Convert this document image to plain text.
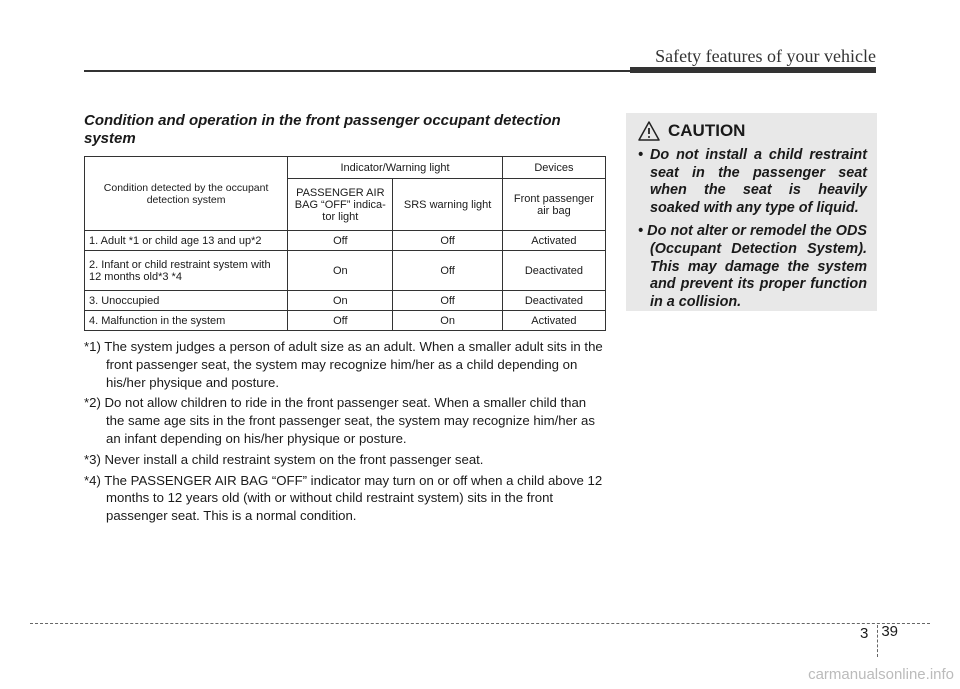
Safety features of your vehicle
Condition and operation in the front passenger occupant detection system
Condition detected by the occupant detection system	Indicator/Warning light		Devices
	PASSENGER AIR BAG “OFF” indica-tor light	SRS warning light	Front passenger air bag
1. Adult *1 or child age 13 and up*2	Off	Off	Activated
2. Infant or child restraint system with 12 months old*3 *4	On	Off	Deactivated
3. Unoccupied	On	Off	Deactivated
4. Malfunction in the system	Off	On	Activated
*1) The system judges a person of adult size as an adult. When a smaller adult sits in the front passenger seat, the system may recognize him/her as a child depending on his/her physique and posture.
*2) Do not allow children to ride in the front passenger seat. When a smaller child than the same age sits in the front passenger seat, the system may recognize him/her as an infant depending on his/her physique or posture.
*3) Never install a child restraint system on the front passenger seat.
*4) The PASSENGER AIR BAG “OFF” indicator may turn on or off when a child above 12 months to 12 years old (with or without child restraint system) sits in the front passenger seat. This is a normal condition.
CAUTION
• Do not install a child restraint seat in the passenger seat when the seat is heavily soaked with any type of liquid.
• Do not alter or remodel the ODS (Occupant Detection System). This may damage the system and prevent its proper function in a collision.
3 39
carmanualsonline.info
